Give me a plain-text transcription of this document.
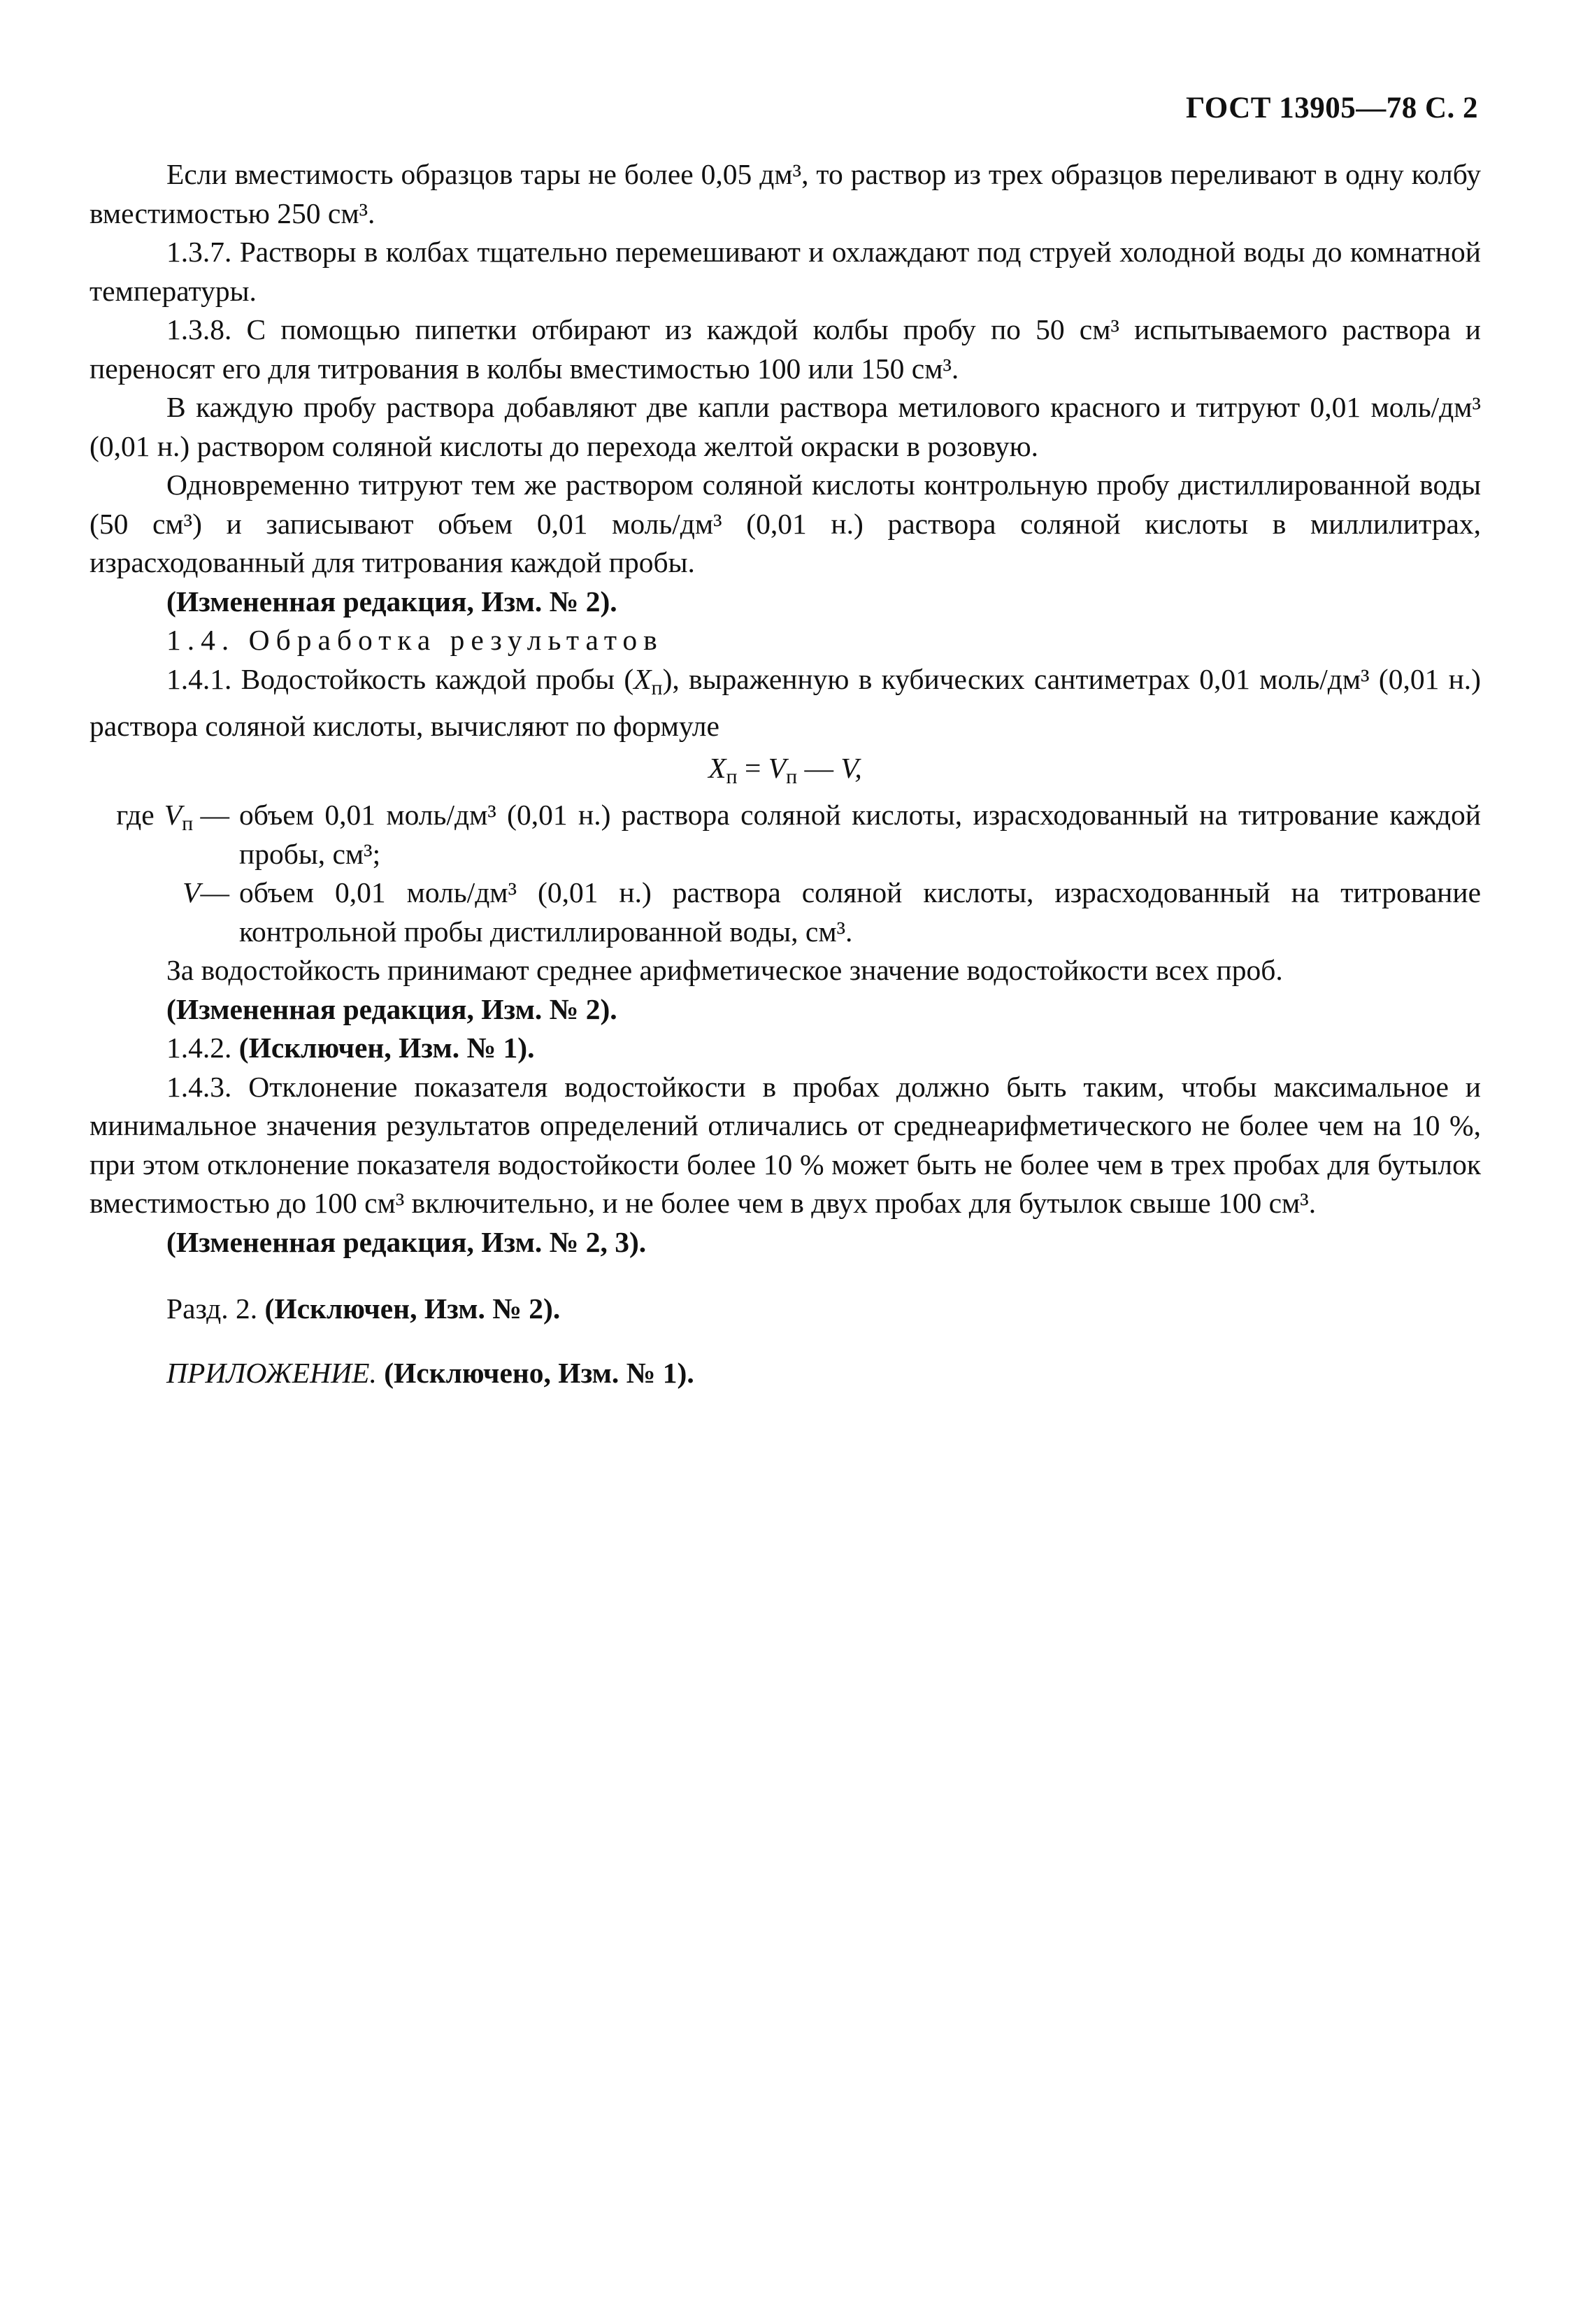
ГОСТ 13905—78 С. 2

Если вместимость образцов тары не более 0,05 дм³, то раствор из трех образцов переливают в одну колбу вместимостью 250 см³.

1.3.7. Растворы в колбах тщательно перемешивают и охлаждают под струей холодной воды до комнатной температуры.

1.3.8. С помощью пипетки отбирают из каждой колбы пробу по 50 см³ испытываемого раствора и переносят его для титрования в колбы вместимостью 100 или 150 см³.

В каждую пробу раствора добавляют две капли раствора метилового красного и титруют 0,01 моль/дм³ (0,01 н.) раствором соляной кислоты до перехода желтой окраски в розовую.

Одновременно титруют тем же раствором соляной кислоты контрольную пробу дистиллированной воды (50 см³) и записывают объем 0,01 моль/дм³ (0,01 н.) раствора соляной кислоты в миллилитрах, израсходованный для титрования каждой пробы.

(Измененная редакция, Изм. № 2).

1.4. Обработка результатов

1.4.1. Водостойкость каждой пробы $(X_п)$, выраженную в кубических сантиметрах 0,01 моль/дм³ (0,01 н.) раствора соляной кислоты, вычисляют по формуле

$X_п = V_п$ — V,

где $V_п$ — объем 0,01 моль/дм³ (0,01 н.) раствора соляной кислоты, израсходованный на титрование каждой пробы, см³;
V— объем 0,01 моль/дм³ (0,01 н.) раствора соляной кислоты, израсходованный на титрование контрольной пробы дистиллированной воды, см³.

За водостойкость принимают среднее арифметическое значение водостойкости всех проб.

(Измененная редакция, Изм. № 2).

1.4.2. (Исключен, Изм. № 1).

1.4.3. Отклонение показателя водостойкости в пробах должно быть таким, чтобы максимальное и минимальное значения результатов определений отличались от среднеарифметического не более чем на 10 %, при этом отклонение показателя водостойкости более 10 % может быть не более чем в трех пробах для бутылок вместимостью до 100 см³ включительно, и не более чем в двух пробах для бутылок свыше 100 см³.

(Измененная редакция, Изм. № 2, 3).

Разд. 2. (Исключен, Изм. № 2).

ПРИЛОЖЕНИЕ. (Исключено, Изм. № 1).
